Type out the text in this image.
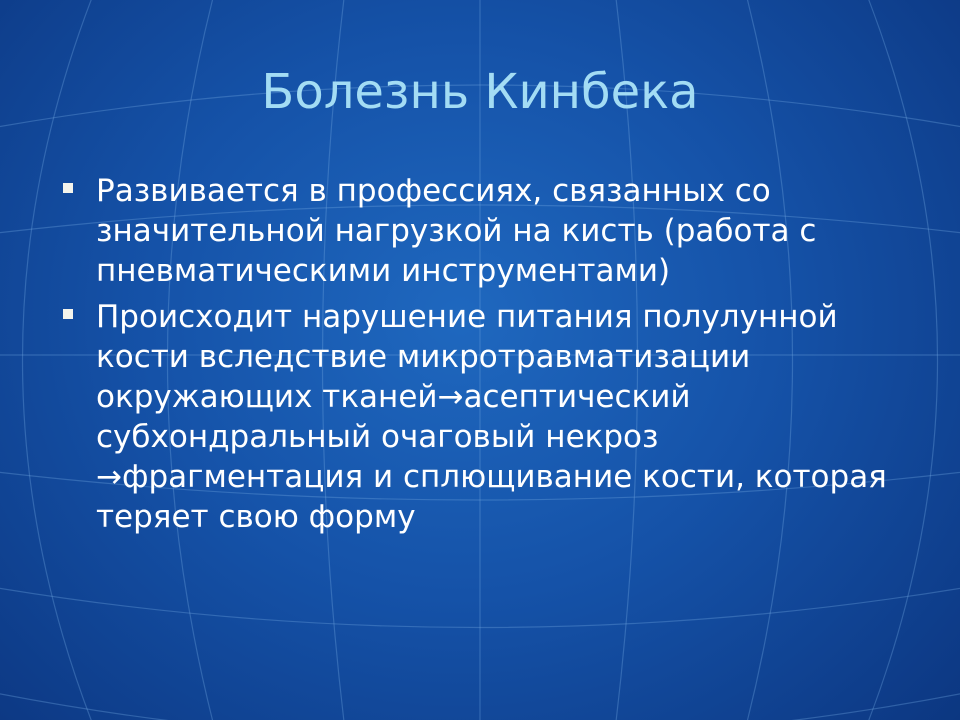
Болезнь Кинбека
Развивается в профессиях, связанных со значительной нагрузкой на кисть (работа с пневматическими инструментами)
Происходит нарушение питания полулунной кости вследствие микротравматизации окружающих тканей→асептический субхондральный очаговый некроз →фрагментация и сплющивание кости, которая теряет свою форму
